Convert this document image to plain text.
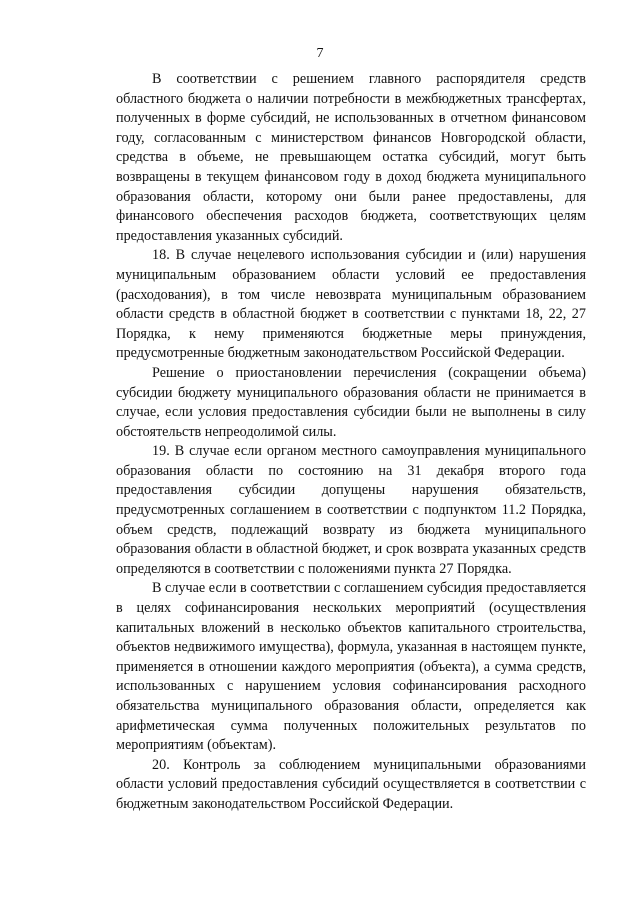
7

В соответствии с решением главного распорядителя средств областного бюджета о наличии потребности в межбюджетных трансфертах, полученных в форме субсидий, не использованных в отчетном финансовом году, согласованным с министерством финансов Новгородской области, средства в объеме, не превышающем остатка субсидий, могут быть возвращены в текущем финансовом году в доход бюджета муниципального образования области, которому они были ранее предоставлены, для финансового обеспечения расходов бюджета, соответствующих целям предоставления указанных субсидий.

18. В случае нецелевого использования субсидии и (или) нарушения муниципальным образованием области условий ее предоставления (расходования), в том числе невозврата муниципальным образованием области средств в областной бюджет в соответствии с пунктами 18, 22, 27 Порядка, к нему применяются бюджетные меры принуждения, предусмотренные бюджетным законодательством Российской Федерации.

Решение о приостановлении перечисления (сокращении объема) субсидии бюджету муниципального образования области не принимается в случае, если условия предоставления субсидии были не выполнены в силу обстоятельств непреодолимой силы.

19. В случае если органом местного самоуправления муниципального образования области по состоянию на 31 декабря второго года предоставления субсидии допущены нарушения обязательств, предусмотренных соглашением в соответствии с подпунктом 11.2 Порядка, объем средств, подлежащий возврату из бюджета муниципального образования области в областной бюджет, и срок возврата указанных средств определяются в соответствии с положениями пункта 27 Порядка.

В случае если в соответствии с соглашением субсидия предоставляется в целях софинансирования нескольких мероприятий (осуществления капитальных вложений в несколько объектов капитального строительства, объектов недвижимого имущества), формула, указанная в настоящем пункте, применяется в отношении каждого мероприятия (объекта), а сумма средств, использованных с нарушением условия софинансирования расходного обязательства муниципального образования области, определяется как арифметическая сумма полученных положительных результатов по мероприятиям (объектам).

20. Контроль за соблюдением муниципальными образованиями области условий предоставления субсидий осуществляется в соответствии с бюджетным законодательством Российской Федерации.
